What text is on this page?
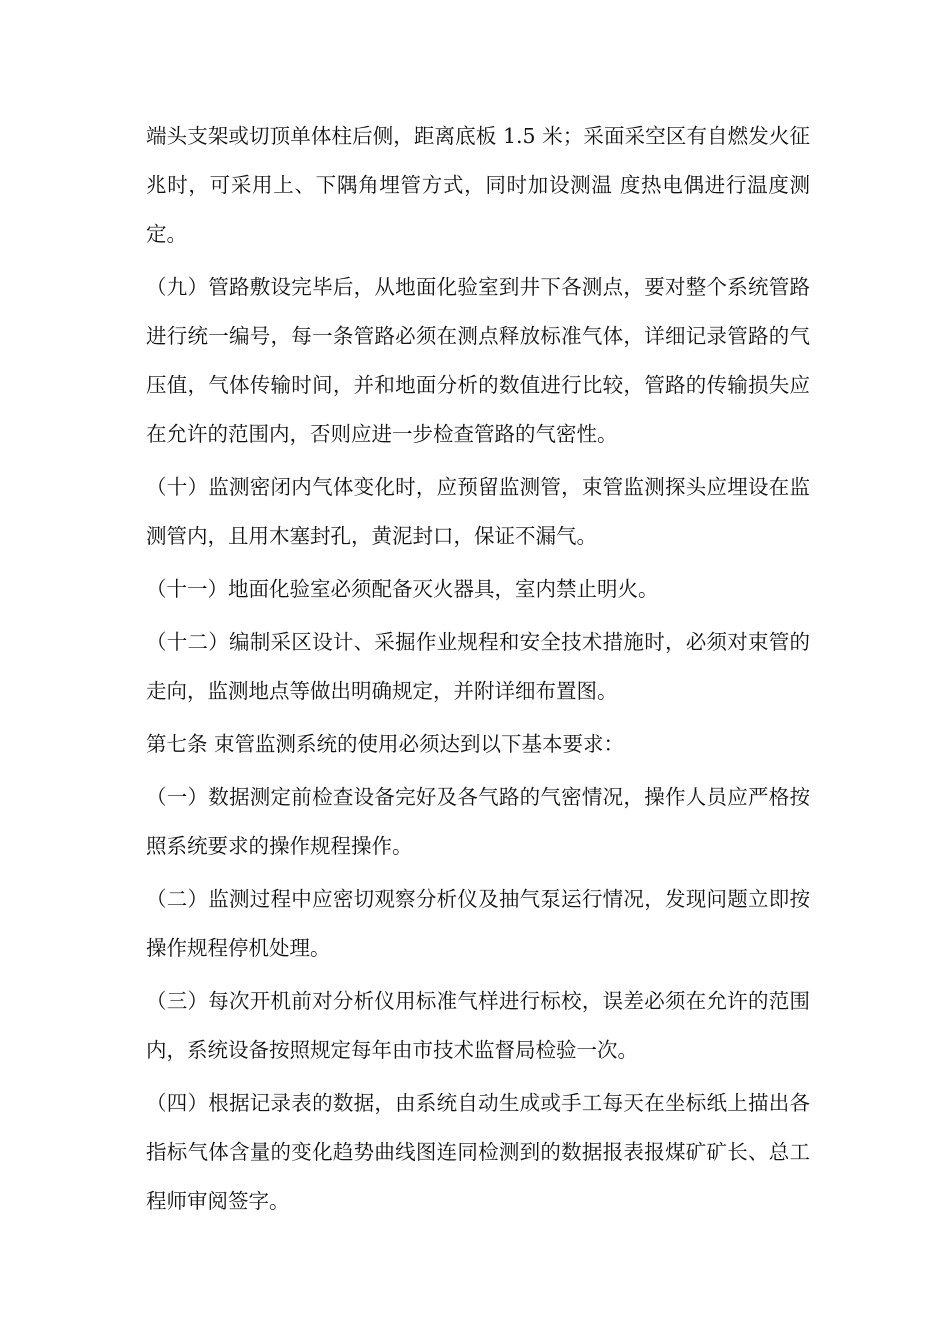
端头支架或切顶单体柱后侧，距离底板 1.5 米；采面采空区有自燃发火征兆时，可采用上、下隅角埋管方式，同时加设测温 度热电偶进行温度测定。

（九）管路敷设完毕后，从地面化验室到井下各测点，要对整个系统管路进行统一编号，每一条管路必须在测点释放标准气体，详细记录管路的气压值，气体传输时间，并和地面分析的数值进行比较，管路的传输损失应在允许的范围内，否则应进一步检查管路的气密性。

（十）监测密闭内气体变化时，应预留监测管，束管监测探头应埋设在监测管内，且用木塞封孔，黄泥封口，保证不漏气。

（十一）地面化验室必须配备灭火器具，室内禁止明火。

（十二）编制采区设计、采掘作业规程和安全技术措施时，必须对束管的走向，监测地点等做出明确规定，并附详细布置图。

第七条 束管监测系统的使用必须达到以下基本要求：

（一）数据测定前检查设备完好及各气路的气密情况，操作人员应严格按照系统要求的操作规程操作。

（二）监测过程中应密切观察分析仪及抽气泵运行情况，发现问题立即按操作规程停机处理。

（三）每次开机前对分析仪用标准气样进行标校，误差必须在允许的范围内，系统设备按照规定每年由市技术监督局检验一次。

（四）根据记录表的数据，由系统自动生成或手工每天在坐标纸上描出各指标气体含量的变化趋势曲线图连同检测到的数据报表报煤矿矿长、总工程师审阅签字。
